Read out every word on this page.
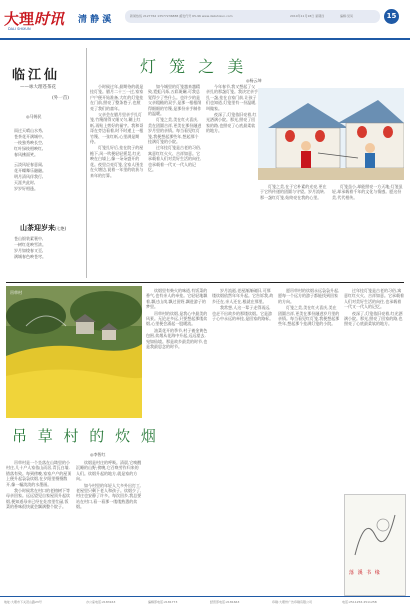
大理时讯
DALI SHIXUN
清 静 溪	新闻热线 2127762 13577236888 邮发代号 65-96 www.dalishixun.com	2010年11月18日 星期四	编辑:吴凤	15
临江仙
——咏大理苍茶花
(外一首)
◎马锡民
雨过天晴山水秀,
苍茶花开满城中。
一枝独秀映长空,
红叶绿枝相映红,
春风拂面笑。
云淡风轻春意闹,
花开蝶舞乐融融。
明月清风伴我行,
天涯共此时,
岁岁好相逢。
山茶迎岁来(七绝)
苍山银装素裹中,
一树红花映雪浓。
岁月如梭春又至,
满城春色映苍穹。
灯 笼 之 美
◎杨云坤

小时候过年,最期待的就是挂灯笼。腊月二十三一过,家家户户便开始准备,大红的灯笼挂在门前,照亮了整条巷子,也照亮了我们的童年。

父亲会在腊月里亲手扎灯笼,竹篾削得又细又匀,糊上红纸,再贴上剪好的福字。我和哥哥在旁边看着,时不时递上一根竹篾、一张红纸,心里满是期待。

灯笼扎好后,挂在院子的屋檐下,风一吹便轻轻摇晃,红光映在白墙上,像一朵朵盛开的花。夜里点亮灯笼,全家人围坐在火塘边,说着一年里的收获与来年的打算。

如今城里的灯笼越来越精致,霓虹闪烁,五彩斑斓,可我总觉得少了些什么。也许少的是父亲粗糙的双手,是那一根根削得细细的竹篾,是那份亲手制作的温暖。

灯笼之美,美在红火喜庆,美在团圆吉祥,更美在那份融进岁月里的亲情。每当看见红灯笼,我便想起那些年,想起那个挂满灯笼的小院。

过年挂灯笼是古老的习俗,寓意红红火火、吉祥如意。它承载着人们对美好生活的向往,也承载着一代又一代人的记忆。

今年春节,我又想起了父亲扎的那盏灯笼。我决定亲手扎一盏,挂在自家门前,让孩子们也知道,灯笼里有一份温暖,叫做家。

夜深了,灯笼依旧亮着,红光洒满小院。那光,照亮了回家的路,也照亮了心底最柔软的地方。

灯笼之美,在于它朴素的光亮,更在于它所传递的团圆与守望。岁月流转,那一盏红灯笼,始终亮在我的心里。

灯笼虽小,却能照亮一方天地;灯笼虽轻,却承载着千年的文化与情感。愿这份美,代代相传。

吊草村
吊 草 村 的 炊 烟
◎李智红

吊草村是一个坐落在山坳里的小村庄,几十户人家依山而居,青瓦白墙,错落有致。每到傍晚,家家户户的屋顶上便升起袅袅炊烟,在夕阳里慢慢散开,像一幅淡淡的水墨画。

我小时候常在村口的老榕树下等母亲回家。远远望见自家屋顶升起炊烟,便知道母亲已经在灶房里忙碌,饭菜的香味很快就会飘满整个院子。

炊烟是村庄的呼吸。清晨,它唤醒沉睡的山野;傍晚,它召唤劳作归来的人们。炊烟升起的地方,就是家的方向。

如今村里的年轻人大多外出打工,老屋里只剩下老人和孩子。炊烟少了,村庄也安静了许多。每次回乡,我总要站在村口,看一看那一缕缕熟悉的炊烟。

炊烟里有柴火的味道,有饭菜的香气,也有亲人的牵挂。它轻轻地飘着,飘过山岗,飘过田野,飘进游子的梦里。

吊草村的炊烟,是我心中最美的风景。无论走多远,只要想起那缕炊烟,心里便会涌起一股暖流。

油菜花开的季节,村子被金黄色包围,炊烟从花海中升起,远远望去,宛如仙境。那是故乡最美的时节,也是我最思念的时节。

岁月流逝,老屋渐渐破旧,可那缕炊烟依然年年升起。它告诉我,故乡还在,亲人还在,根就在那里。

我常想,人这一辈子走得再远,也走不出故乡的那缕炊烟。它是游子心中永远的牵挂,是回家的路标。

愿吊草村的炊烟永远袅袅升起,愿每一个远方的游子都能找到回家的方向。

灯笼之美,美在红火喜庆,美在团圆吉祥,更美在那份融进岁月里的亲情。每当看见红灯笼,我便想起那些年,想起那个挂满灯笼的小院。

过年挂灯笼是古老的习俗,寓意红红火火、吉祥如意。它承载着人们对美好生活的向往,也承载着一代又一代人的记忆。

夜深了,灯笼依旧亮着,红光洒满小院。那光,照亮了回家的路,也照亮了心底最柔软的地方。

落 溪 书 缘
地址:大理市下关苍山路23号	办公室电话:2183163	编辑部电话:2181773	经营部电话:2181663	印刷:大理州广告印刷有限公司	电话:2511256 2511258
